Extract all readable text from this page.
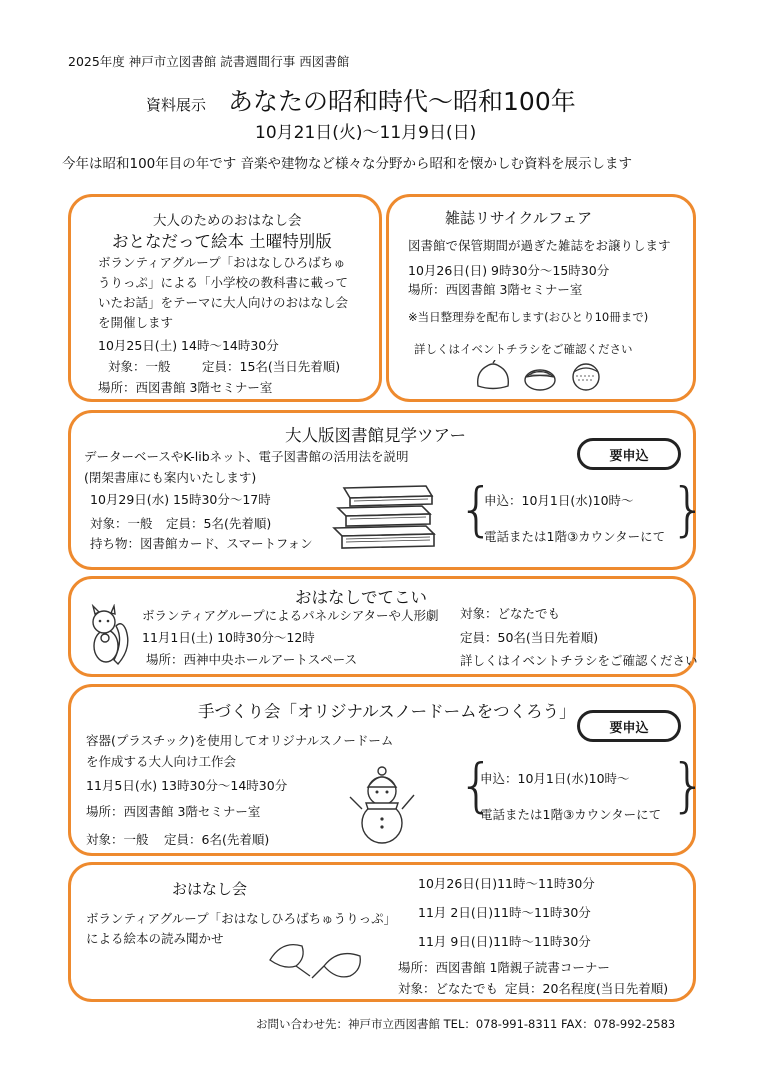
2025年度 神戸市立図書館 読書週間行事 西図書館
資料展示 あなたの昭和時代～昭和100年
10月21日(火)～11月9日(日)
今年は昭和100年目の年です 音楽や建物など様々な分野から昭和を懐かしむ資料を展示します
大人のためのおはなし会
おとなだって絵本 土曜特別版
ボランティアグループ「おはなしひろばちゅ
うりっぷ」による「小学校の教科書に載って
いたお話」をテーマに大人向けのおはなし会
を開催します
10月25日(土) 14時～14時30分
対象：一般	定員：15名(当日先着順)
場所：西図書館 3階セミナー室
雑誌リサイクルフェア
図書館で保管期間が過ぎた雑誌をお譲りします
10月26日(日) 9時30分～15時30分
場所：西図書館 3階セミナー室
※当日整理券を配布します(おひとり10冊まで)
詳しくはイベントチラシをご確認ください
大人版図書館見学ツアー
データーベースやK-libネット、電子図書館の活用法を説明
(閉架書庫にも案内いたします)
10月29日(水) 15時30分～17時
対象：一般 定員：5名(先着順)
持ち物：図書館カード、スマートフォン
要申込
{	}
申込：10月1日(水)10時～
電話または1階③カウンターにて
おはなしでてこい
ボランティアグループによるパネルシアターや人形劇
11月1日(土) 10時30分～12時
場所：西神中央ホールアートスペース
対象：どなたでも
定員：50名(当日先着順)
詳しくはイベントチラシをご確認ください
手づくり会「オリジナルスノードームをつくろう」
要申込
容器(プラスチック)を使用してオリジナルスノードーム
を作成する大人向け工作会
11月5日(水) 13時30分～14時30分
場所：西図書館 3階セミナー室
対象：一般 定員：6名(先着順)
{	}
申込：10月1日(水)10時～
電話または1階③カウンターにて
おはなし会
ボランティアグループ「おはなしひろばちゅうりっぷ」
による絵本の読み聞かせ
10月26日(日)11時～11時30分
11月 2日(日)11時～11時30分
11月 9日(日)11時～11時30分
場所：西図書館 1階親子読書コーナー
対象：どなたでも 定員：20名程度(当日先着順)
お問い合わせ先：神戸市立西図書館 TEL：078-991-8311 FAX：078-992-2583
